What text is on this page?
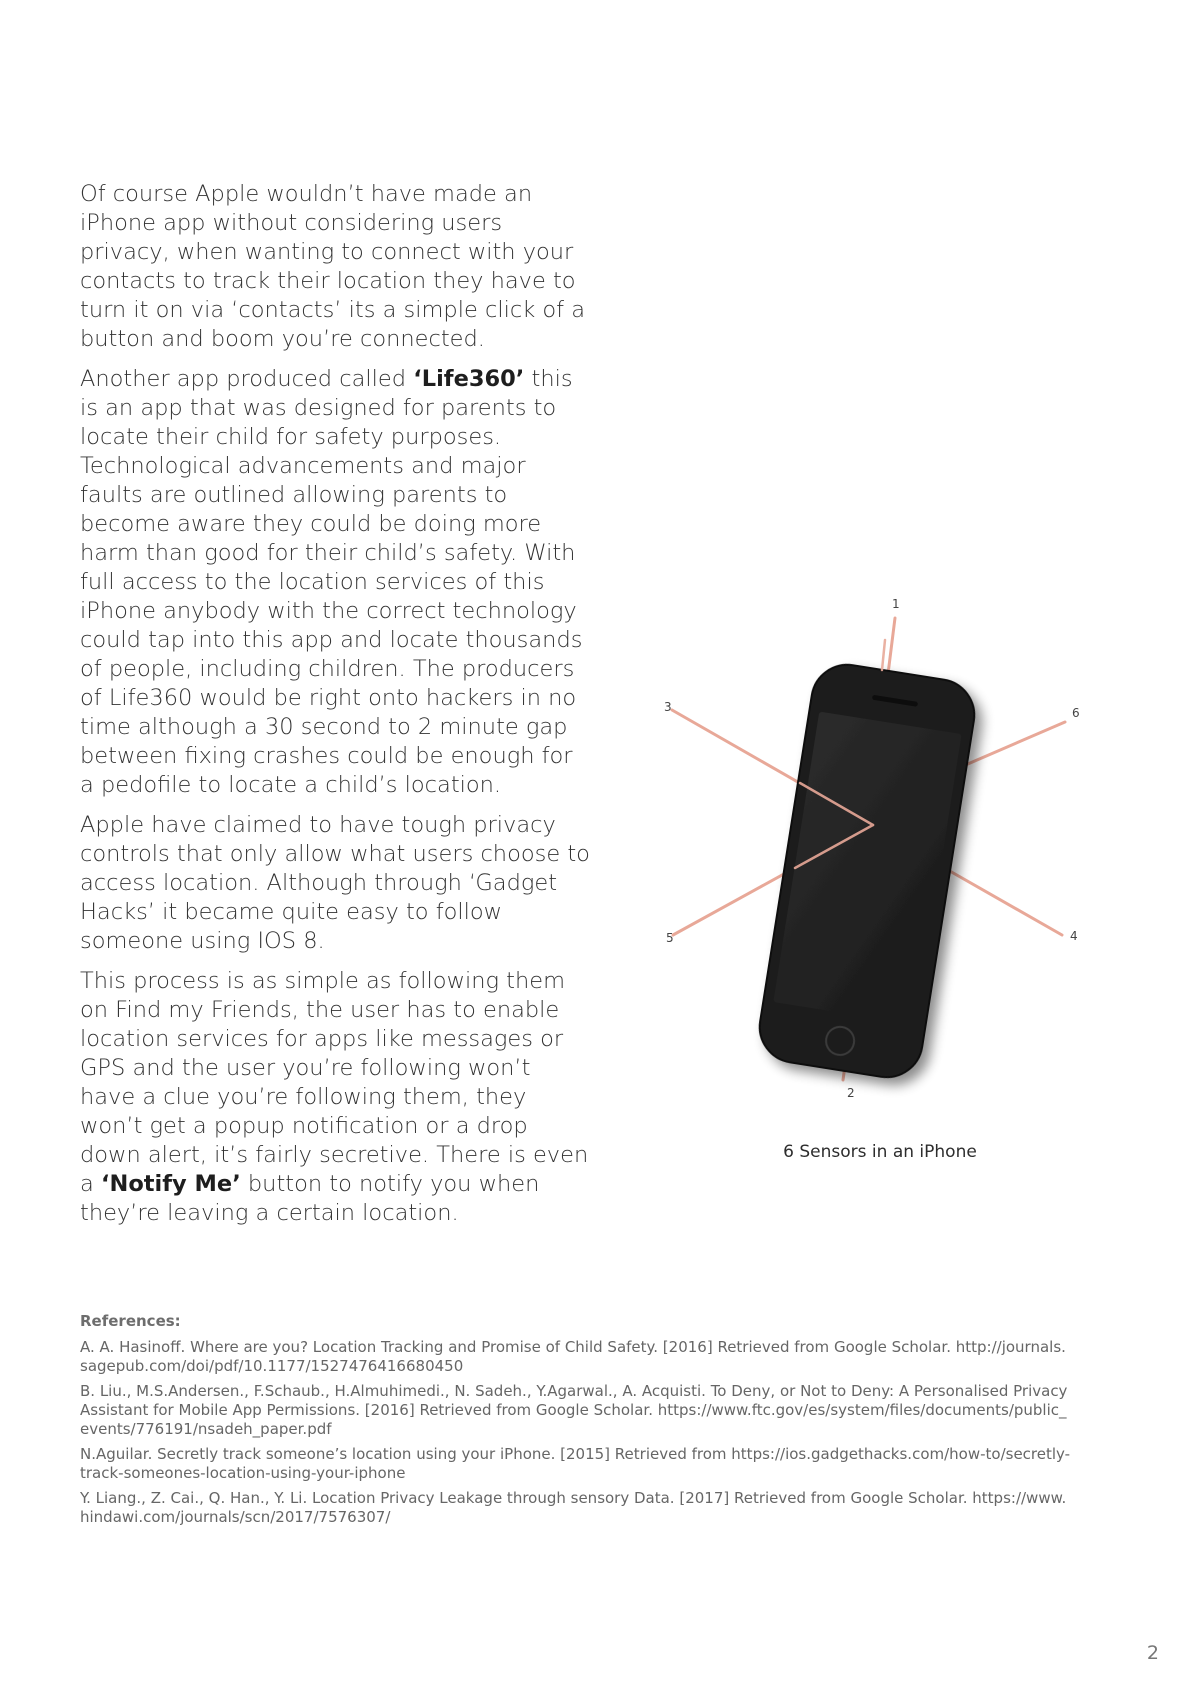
Of course Apple wouldn’t have made an iPhone app without considering users privacy, when wanting to connect with your contacts to track their location they have to turn it on via ‘contacts’ its a simple click of a button and boom you’re connected.

Another app produced called ‘Life360’ this is an app that was designed for parents to locate their child for safety purposes. Technological advancements and major faults are outlined allowing parents to become aware they could be doing more harm than good for their child’s safety. With full access to the location services of this iPhone anybody with the correct technology could tap into this app and locate thousands of people, including children. The producers of Life360 would be right onto hackers in no time although a 30 second to 2 minute gap between fixing crashes could be enough for a pedofile to locate a child’s location.

Apple have claimed to have tough privacy controls that only allow what users choose to access location. Although through ‘Gadget Hacks’ it became quite easy to follow someone using IOS 8.

This process is as simple as following them on Find my Friends, the user has to enable location services for apps like messages or GPS and the user you’re following won’t have a clue you’re following them, they won’t get a popup notification or a drop down alert, it’s fairly secretive. There is even a ‘Notify Me’ button to notify you when they’re leaving a certain location.

1
2
3
4
5
6
6 Sensors in an iPhone
References:
A. A. Hasinoff. Where are you? Location Tracking and Promise of Child Safety. [2016] Retrieved from Google Scholar. http://journals.
sagepub.com/doi/pdf/10.1177/1527476416680450
B. Liu., M.S.Andersen., F.Schaub., H.Almuhimedi., N. Sadeh., Y.Agarwal., A. Acquisti. To Deny, or Not to Deny: A Personalised Privacy
Assistant for Mobile App Permissions. [2016] Retrieved from Google Scholar. https://www.ftc.gov/es/system/files/documents/public_
events/776191/nsadeh_paper.pdf
N.Aguilar. Secretly track someone’s location using your iPhone. [2015] Retrieved from https://ios.gadgethacks.com/how-to/secretly-
track-someones-location-using-your-iphone
Y. Liang., Z. Cai., Q. Han., Y. Li. Location Privacy Leakage through sensory Data. [2017] Retrieved from Google Scholar. https://www.
hindawi.com/journals/scn/2017/7576307/
2
